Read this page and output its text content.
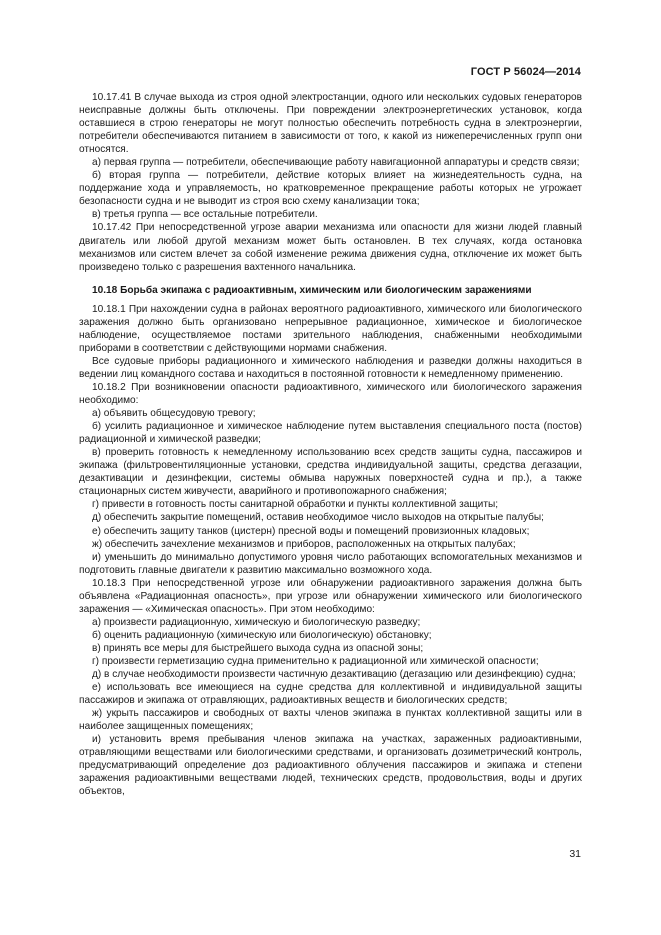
ГОСТ Р 56024—2014

10.17.41 В случае выхода из строя одной электростанции, одного или нескольких судовых генераторов неисправные должны быть отключены. При повреждении электроэнергетических установок, когда оставшиеся в строю генераторы не могут полностью обеспечить потребность судна в электроэнергии, потребители обеспечиваются питанием в зависимости от того, к какой из нижеперечисленных групп они относятся.

а) первая группа — потребители, обеспечивающие работу навигационной аппаратуры и средств связи;

б) вторая группа — потребители, действие которых влияет на жизнедеятельность судна, на поддержание хода и управляемость, но кратковременное прекращение работы которых не угрожает безопасности судна и не выводит из строя всю схему канализации тока;

в) третья группа — все остальные потребители.

10.17.42 При непосредственной угрозе аварии механизма или опасности для жизни людей главный двигатель или любой другой механизм может быть остановлен. В тех случаях, когда остановка механизмов или систем влечет за собой изменение режима движения судна, отключение их может быть произведено только с разрешения вахтенного начальника.

10.18 Борьба экипажа с радиоактивным, химическим или биологическим заражениями

10.18.1 При нахождении судна в районах вероятного радиоактивного, химического или биологического заражения должно быть организовано непрерывное радиационное, химическое и биологическое наблюдение, осуществляемое постами зрительного наблюдения, снабженными необходимыми приборами в соответствии с действующими нормами снабжения.

Все судовые приборы радиационного и химического наблюдения и разведки должны находиться в ведении лиц командного состава и находиться в постоянной готовности к немедленному применению.

10.18.2 При возникновении опасности радиоактивного, химического или биологического заражения необходимо:

а) объявить общесудовую тревогу;

б) усилить радиационное и химическое наблюдение путем выставления специального поста (постов) радиационной и химической разведки;

в) проверить готовность к немедленному использованию всех средств защиты судна, пассажиров и экипажа (фильтровентиляционные установки, средства индивидуальной защиты, средства дегазации, дезактивации и дезинфекции, системы обмыва наружных поверхностей судна и пр.), а также стационарных систем живучести, аварийного и противопожарного снабжения;

г) привести в готовность посты санитарной обработки и пункты коллективной защиты;

д) обеспечить закрытие помещений, оставив необходимое число выходов на открытые палубы;

е) обеспечить защиту танков (цистерн) пресной воды и помещений провизионных кладовых;

ж) обеспечить зачехление механизмов и приборов, расположенных на открытых палубах;

и) уменьшить до минимально допустимого уровня число работающих вспомогательных механизмов и подготовить главные двигатели к развитию максимально возможного хода.

10.18.3 При непосредственной угрозе или обнаружении радиоактивного заражения должна быть объявлена «Радиационная опасность», при угрозе или обнаружении химического или биологического заражения — «Химическая опасность». При этом необходимо:

а) произвести радиационную, химическую и биологическую разведку;

б) оценить радиационную (химическую или биологическую) обстановку;

в) принять все меры для быстрейшего выхода судна из опасной зоны;

г) произвести герметизацию судна применительно к радиационной или химической опасности;

д) в случае необходимости произвести частичную дезактивацию (дегазацию или дезинфекцию) судна;

е) использовать все имеющиеся на судне средства для коллективной и индивидуальной защиты пассажиров и экипажа от отравляющих, радиоактивных веществ и биологических средств;

ж) укрыть пассажиров и свободных от вахты членов экипажа в пунктах коллективной защиты или в наиболее защищенных помещениях;

и) установить время пребывания членов экипажа на участках, зараженных радиоактивными, отравляющими веществами или биологическими средствами, и организовать дозиметрический контроль, предусматривающий определение доз радиоактивного облучения пассажиров и экипажа и степени заражения радиоактивными веществами людей, технических средств, продовольствия, воды и других объектов,

31
